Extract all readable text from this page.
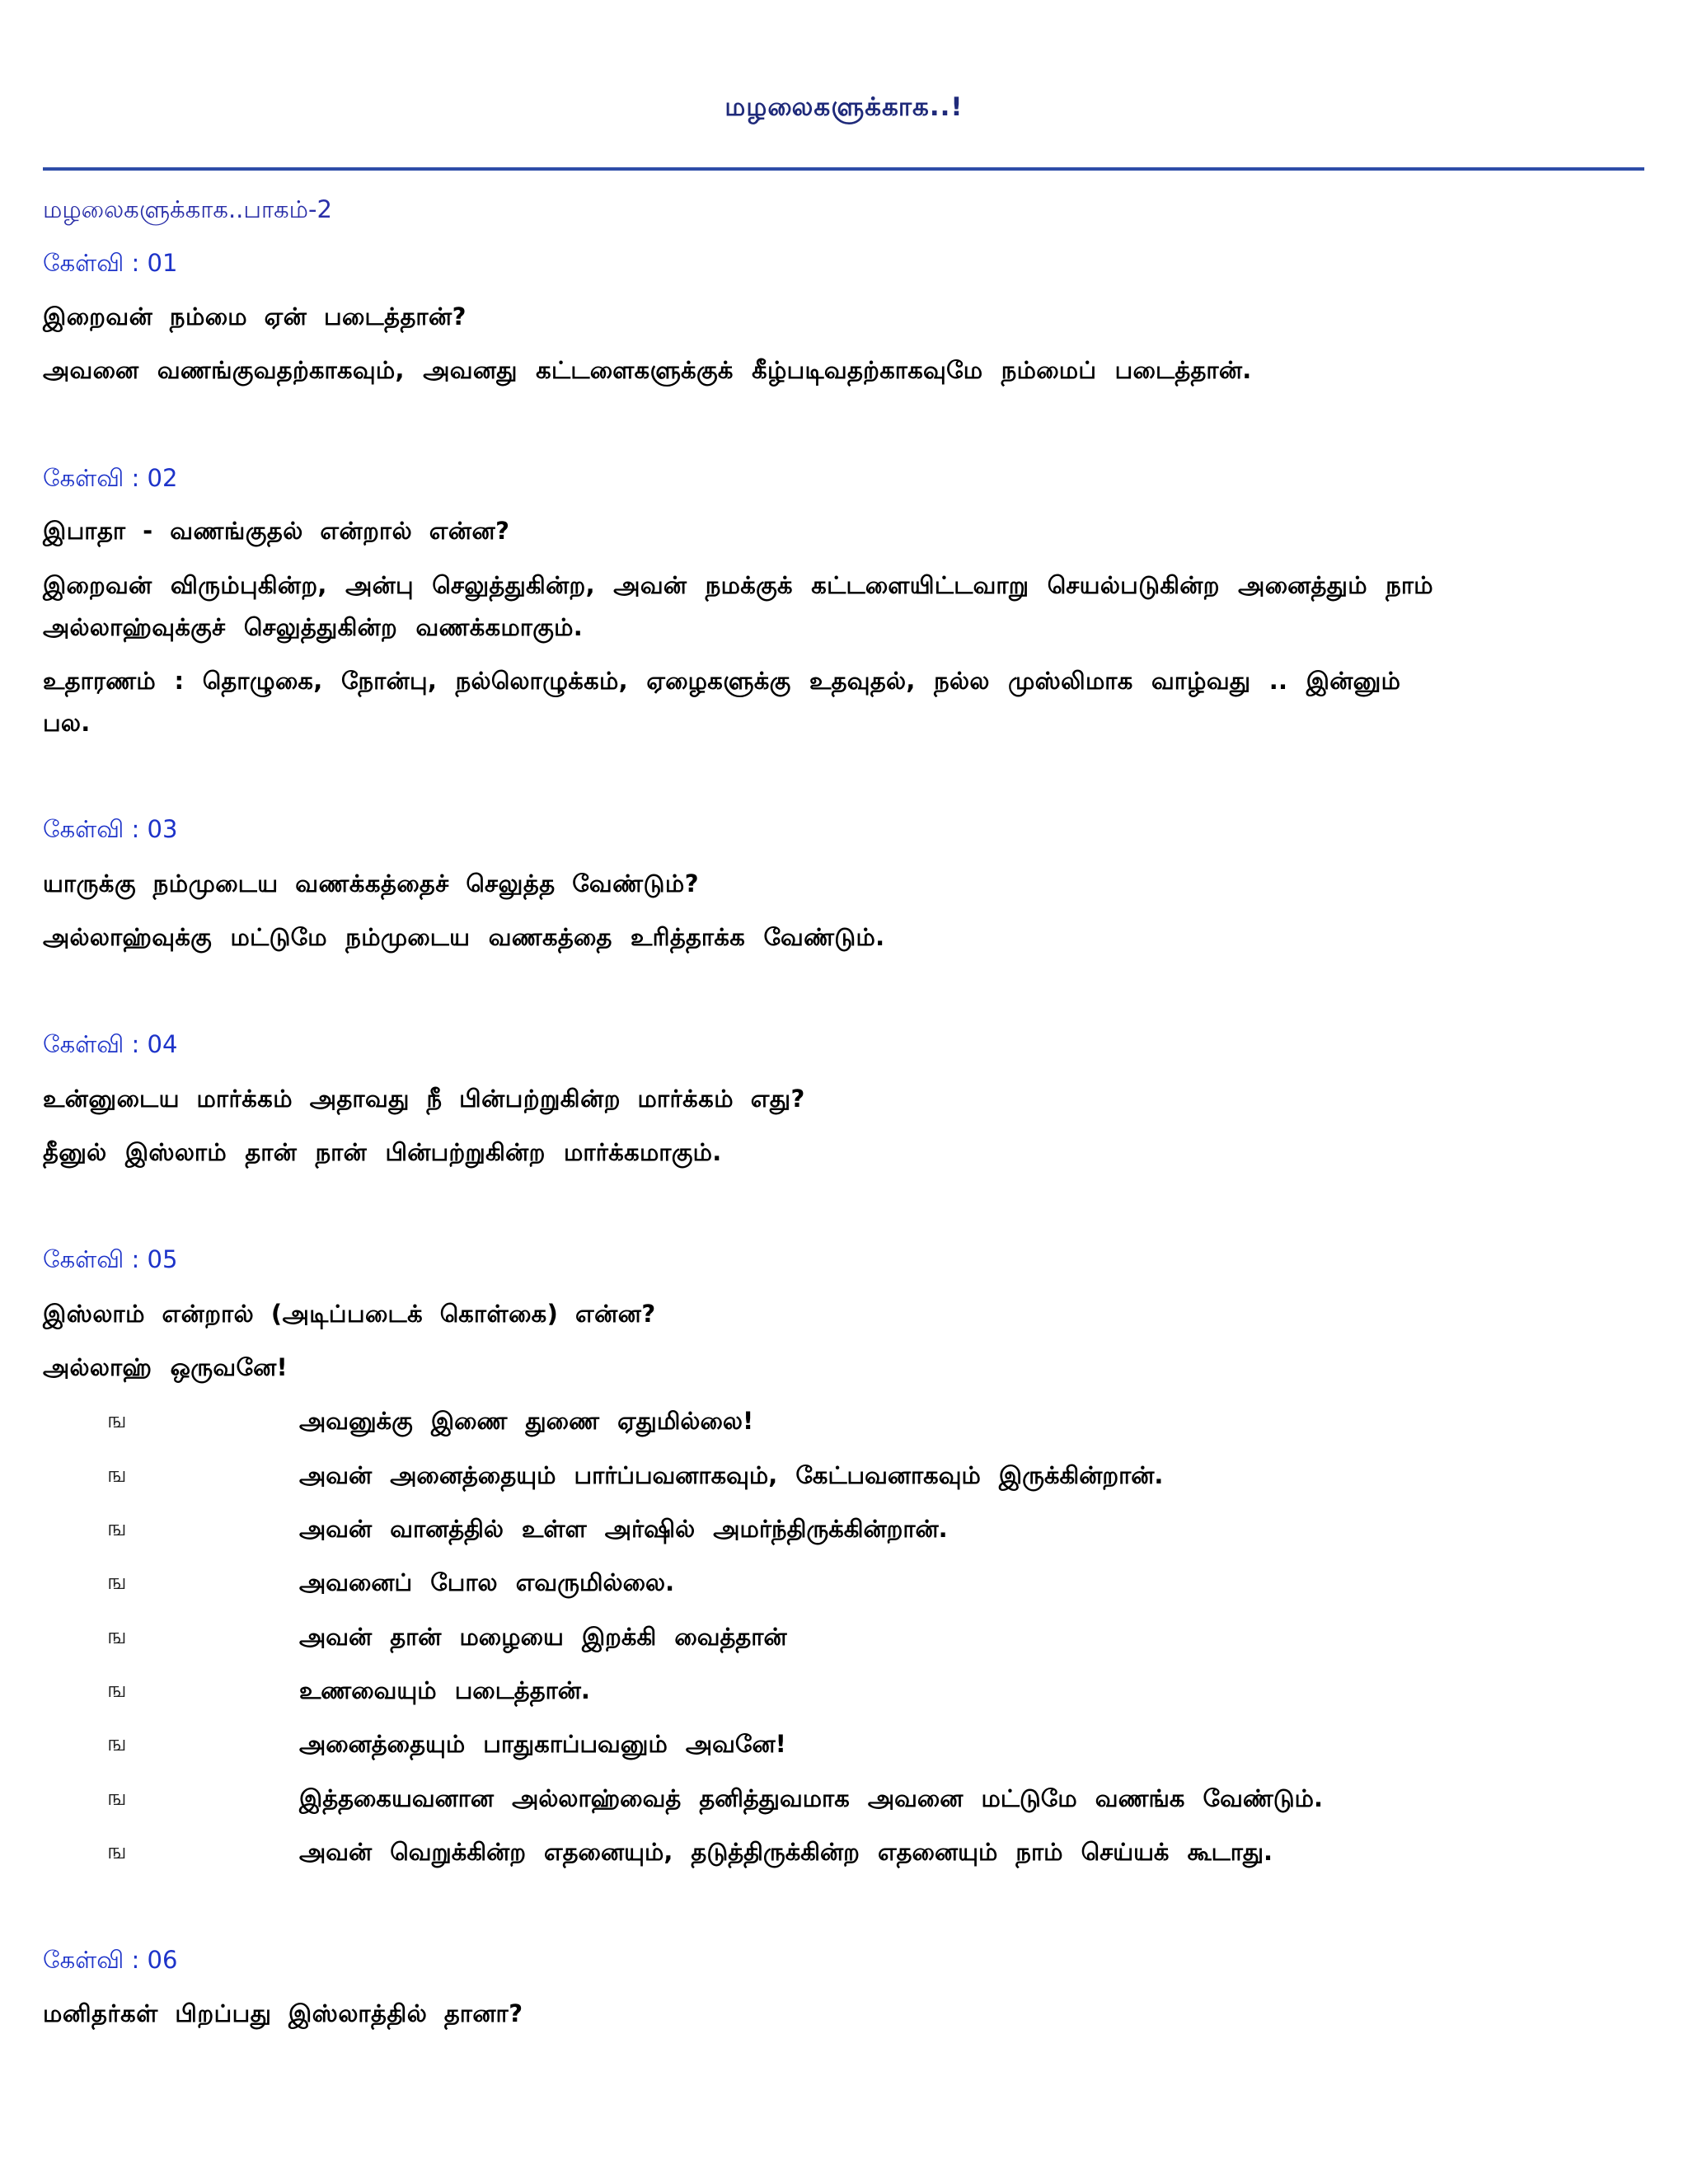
மழலைகளுக்காக..!
மழலைகளுக்காக..பாகம்-2
கேள்வி : 01
இறைவன் நம்மை ஏன் படைத்தான்?
அவனை வணங்குவதற்காகவும், அவனது கட்டளைகளுக்குக் கீழ்படிவதற்காகவுமே நம்மைப் படைத்தான்.
கேள்வி : 02
இபாதா - வணங்குதல் என்றால் என்ன?
இறைவன் விரும்புகின்ற, அன்பு செலுத்துகின்ற, அவன் நமக்குக் கட்டளையிட்டவாறு செயல்படுகின்ற அனைத்தும் நாம்
அல்லாஹ்வுக்குச் செலுத்துகின்ற வணக்கமாகும்.
உதாரணம் : தொழுகை, நோன்பு, நல்லொழுக்கம், ஏழைகளுக்கு உதவுதல், நல்ல முஸ்லிமாக வாழ்வது .. இன்னும்
பல.
கேள்வி : 03
யாருக்கு நம்முடைய வணக்கத்தைச் செலுத்த வேண்டும்?
அல்லாஹ்வுக்கு மட்டுமே நம்முடைய வணகத்தை உரித்தாக்க வேண்டும்.
கேள்வி : 04
உன்னுடைய மார்க்கம் அதாவது நீ பின்பற்றுகின்ற மார்க்கம் எது?
தீனுல் இஸ்லாம் தான் நான் பின்பற்றுகின்ற மார்க்கமாகும்.
கேள்வி : 05
இஸ்லாம் என்றால் (அடிப்படைக் கொள்கை) என்ன?
அல்லாஹ் ஒருவனே!
ங	அவனுக்கு இணை துணை ஏதுமில்லை!
ங	அவன் அனைத்தையும் பார்ப்பவனாகவும், கேட்பவனாகவும் இருக்கின்றான்.
ங	அவன் வானத்தில் உள்ள அர்ஷில் அமர்ந்திருக்கின்றான்.
ங	அவனைப் போல எவருமில்லை.
ங	அவன் தான் மழையை இறக்கி வைத்தான்
ங	உணவையும் படைத்தான்.
ங	அனைத்தையும் பாதுகாப்பவனும் அவனே!
ங	இத்தகையவனான அல்லாஹ்வைத் தனித்துவமாக அவனை மட்டுமே வணங்க வேண்டும்.
ங	அவன் வெறுக்கின்ற எதனையும், தடுத்திருக்கின்ற எதனையும் நாம் செய்யக் கூடாது.
கேள்வி : 06
மனிதர்கள் பிறப்பது இஸ்லாத்தில் தானா?
